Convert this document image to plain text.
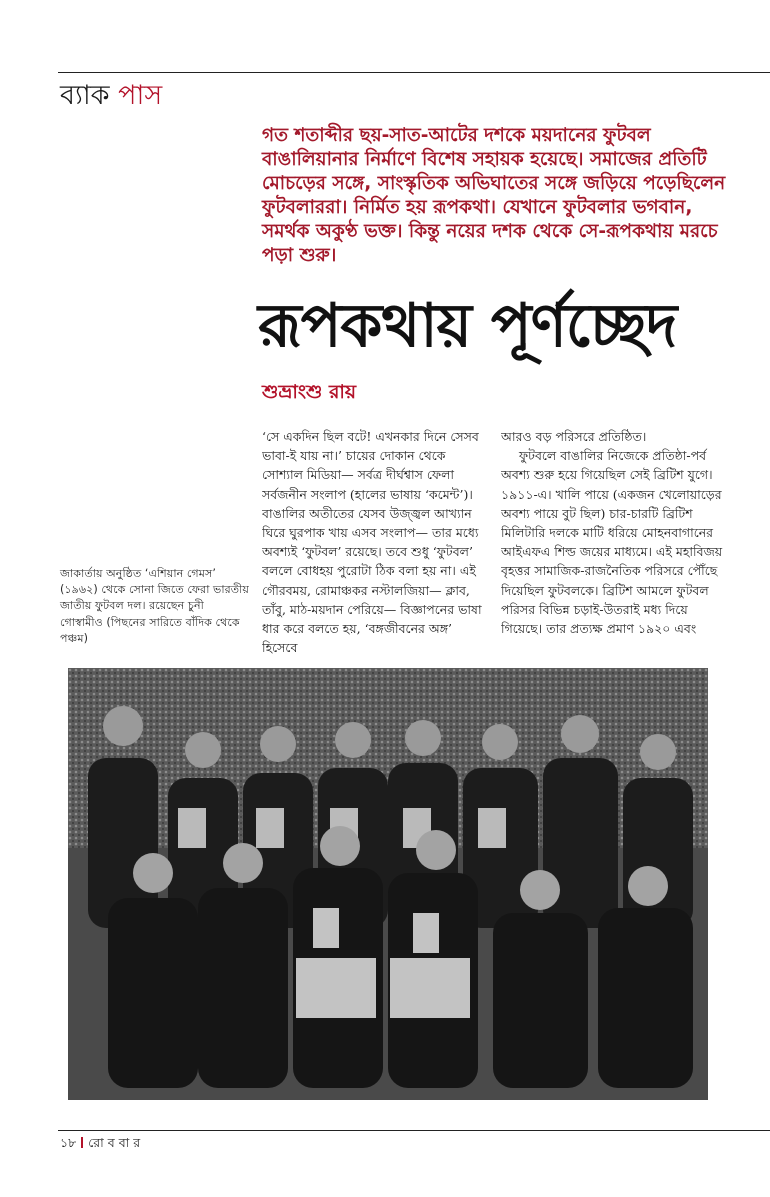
ব্যাক পাস
গত শতাব্দীর ছয়-সাত-আটের দশকে ময়দানের ফুটবল বাঙালিয়ানার নির্মাণে বিশেষ সহায়ক হয়েছে। সমাজের প্রতিটি মোচড়ের সঙ্গে, সাংস্কৃতিক অভিঘাতের সঙ্গে জড়িয়ে পড়েছিলেন ফুটবলাররা। নির্মিত হয় রূপকথা। যেখানে ফুটবলার ভগবান, সমর্থক অকুণ্ঠ ভক্ত। কিন্তু নয়ের দশক থেকে সে-রূপকথায় মরচে পড়া শুরু।
রূপকথায় পূর্ণচ্ছেদ
শুভ্রাংশু রায়

‘সে একদিন ছিল বটে! এখনকার দিনে সেসব ভাবা-ই যায় না।’ চায়ের দোকান থেকে সোশ্যাল মিডিয়া— সর্বত্র দীর্ঘশ্বাস ফেলা সর্বজনীন সংলাপ (হালের ভাষায় ‘কমেন্ট’)। বাঙালির অতীতের যেসব উজ্জ্বল আখ্যান ঘিরে ঘুরপাক খায় এসব সংলাপ— তার মধ্যে অবশ্যই ‘ফুটবল’ রয়েছে। তবে শুধু ‘ফুটবল’ বললে বোধহয় পুরোটা ঠিক বলা হয় না। এই গৌরবময়, রোমাঞ্চকর নস্টালজিয়া— ক্লাব, তাঁবু, মাঠ-ময়দান পেরিয়ে— বিজ্ঞাপনের ভাষা ধার করে বলতে হয়, ‘বঙ্গজীবনের অঙ্গ’ হিসেবে

আরও বড় পরিসরে প্রতিষ্ঠিত।

ফুটবলে বাঙালির নিজেকে প্রতিষ্ঠা-পর্ব অবশ্য শুরু হয়ে গিয়েছিল সেই ব্রিটিশ যুগে। ১৯১১-এ। খালি পায়ে (একজন খেলোয়াড়ের অবশ্য পায়ে বুট ছিল) চার-চারটি ব্রিটিশ মিলিটারি দলকে মাটি ধরিয়ে মোহনবাগানের আইএফএ শিল্ড জয়ের মাধ্যমে। এই মহাবিজয় বৃহত্তর সামাজিক-রাজনৈতিক পরিসরে পৌঁছে দিয়েছিল ফুটবলকে। ব্রিটিশ আমলে ফুটবল পরিসর বিভিন্ন চড়াই-উতরাই মধ্য দিয়ে গিয়েছে। তার প্রত্যক্ষ প্রমাণ ১৯২০ এবং

জাকার্তায় অনুষ্ঠিত ‘এশিয়ান গেমস’ (১৯৬২) থেকে সোনা জিতে ফেরা ভারতীয় জাতীয় ফুটবল দল। রয়েছেন চুনী গোস্বামীও (পিছনের সারিতে বাঁদিক থেকে পঞ্চম)
১৮ রো ব বা র
